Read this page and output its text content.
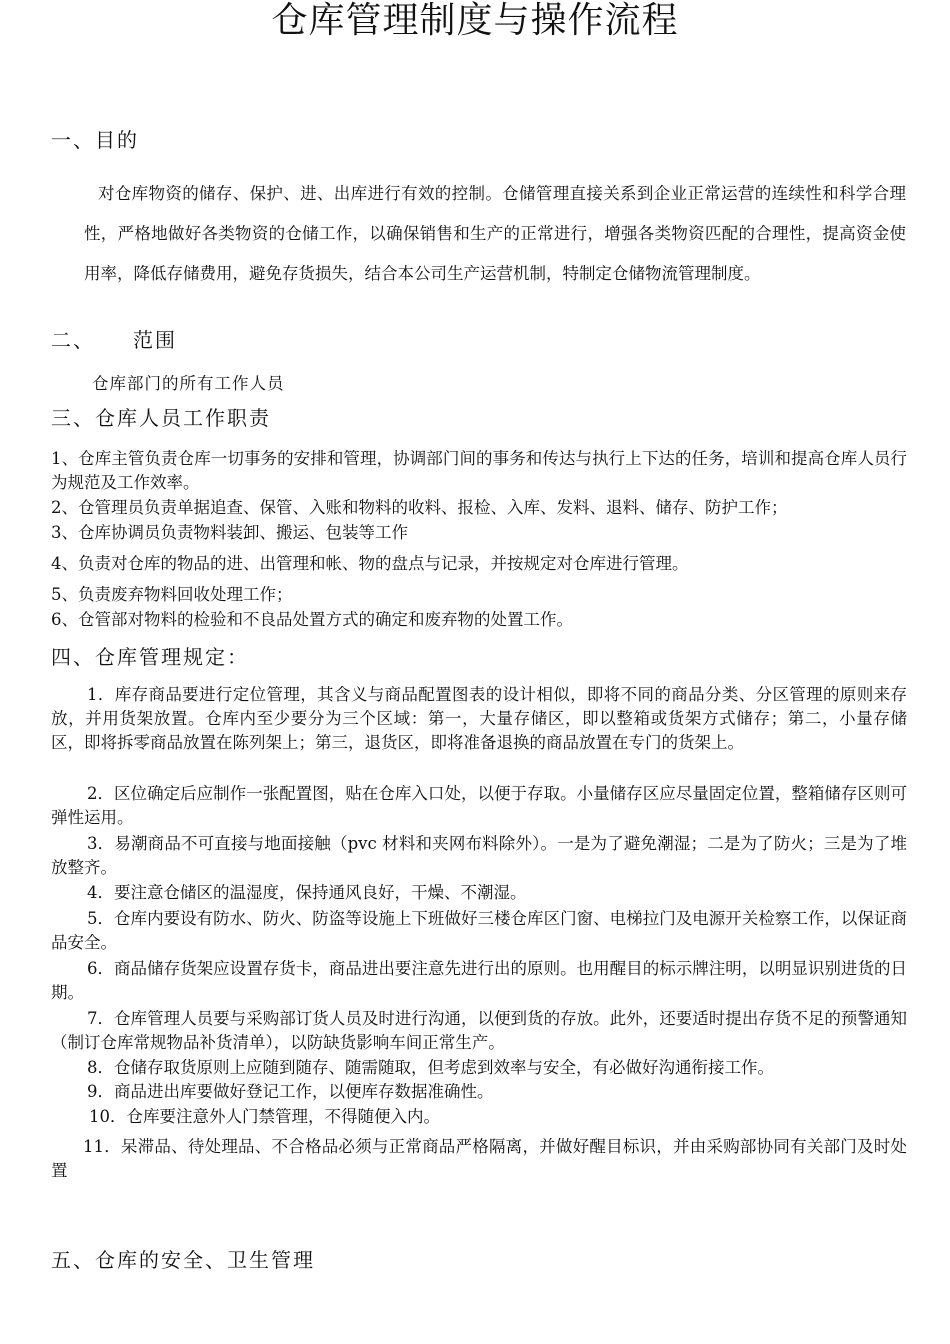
仓库管理制度与操作流程
一、目的
对仓库物资的储存、保护、进、出库进行有效的控制。仓储管理直接关系到企业正常运营的连续性和科学合理性，严格地做好各类物资的仓储工作，以确保销售和生产的正常进行，增强各类物资匹配的合理性，提高资金使用率，降低存储费用，避免存货损失，结合本公司生产运营机制，特制定仓储物流管理制度。
二、 范围
仓库部门的所有工作人员
三、仓库人员工作职责
1、仓库主管负责仓库一切事务的安排和管理，协调部门间的事务和传达与执行上下达的任务，培训和提高仓库人员行为规范及工作效率。
2、仓管理员负责单据追查、保管、入账和物料的收料、报检、入库、发料、退料、储存、防护工作；
3、仓库协调员负责物料装卸、搬运、包装等工作
4、负责对仓库的物品的进、出管理和帐、物的盘点与记录，并按规定对仓库进行管理。
5、负责废弃物料回收处理工作；
6、仓管部对物料的检验和不良品处置方式的确定和废弃物的处置工作。
四、仓库管理规定：
1．库存商品要进行定位管理，其含义与商品配置图表的设计相似，即将不同的商品分类、分区管理的原则来存放，并用货架放置。仓库内至少要分为三个区域：第一，大量存储区，即以整箱或货架方式储存；第二，小量存储区，即将拆零商品放置在陈列架上；第三，退货区，即将准备退换的商品放置在专门的货架上。
2．区位确定后应制作一张配置图，贴在仓库入口处，以便于存取。小量储存区应尽量固定位置，整箱储存区则可弹性运用。
3．易潮商品不可直接与地面接触（pvc 材料和夹网布料除外）。一是为了避免潮湿；二是为了防火；三是为了堆放整齐。
4．要注意仓储区的温湿度，保持通风良好，干燥、不潮湿。
5．仓库内要设有防水、防火、防盗等设施上下班做好三楼仓库区门窗、电梯拉门及电源开关检察工作，以保证商品安全。
6．商品储存货架应设置存货卡，商品进出要注意先进行出的原则。也用醒目的标示牌注明，以明显识别进货的日期。
7．仓库管理人员要与采购部订货人员及时进行沟通，以便到货的存放。此外，还要适时提出存货不足的预警通知（制订仓库常规物品补货清单），以防缺货影响车间正常生产。
8．仓储存取货原则上应随到随存、随需随取，但考虑到效率与安全，有必做好沟通衔接工作。
9．商品进出库要做好登记工作，以便库存数据准确性。
10．仓库要注意外人门禁管理，不得随便入内。
11．呆滞品、待处理品、不合格品必须与正常商品严格隔离，并做好醒目标识，并由采购部协同有关部门及时处置
五、仓库的安全、卫生管理
